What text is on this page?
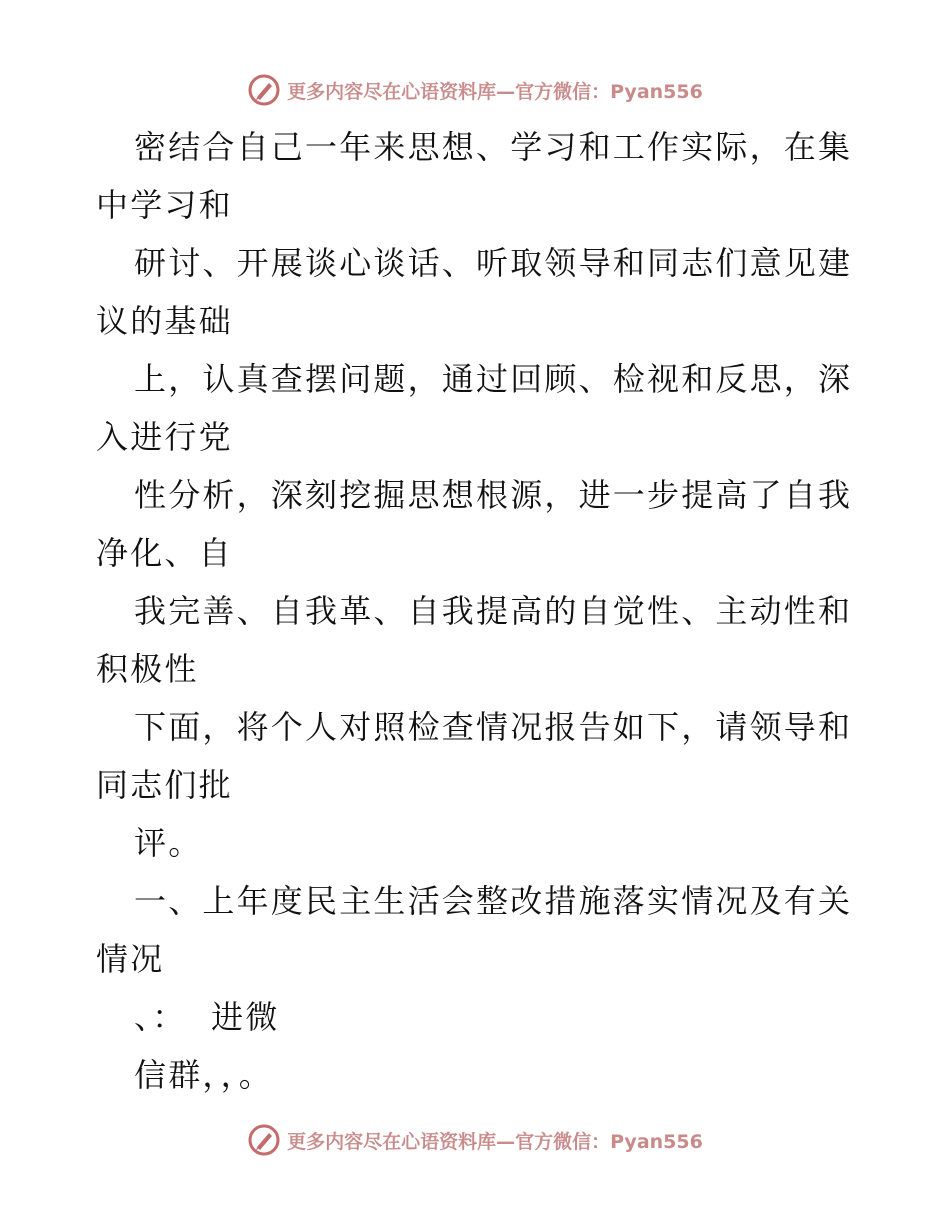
更多内容尽在心语资料库—官方微信：Pyan556

密结合自己一年来思想、学习和工作实际，在集
中学习和

研讨、开展谈心谈话、听取领导和同志们意见建
议的基础

上，认真查摆问题，通过回顾、检视和反思，深
入进行党

性分析，深刻挖掘思想根源，进一步提高了自我
净化、自

我完善、自我革、自我提高的自觉性、主动性和
积极性

下面，将个人对照检查情况报告如下，请领导和
同志们批

评。

一、上年度民主生活会整改措施落实情况及有关
情况

、：  进微

信群，，。

更多内容尽在心语资料库—官方微信：Pyan556
